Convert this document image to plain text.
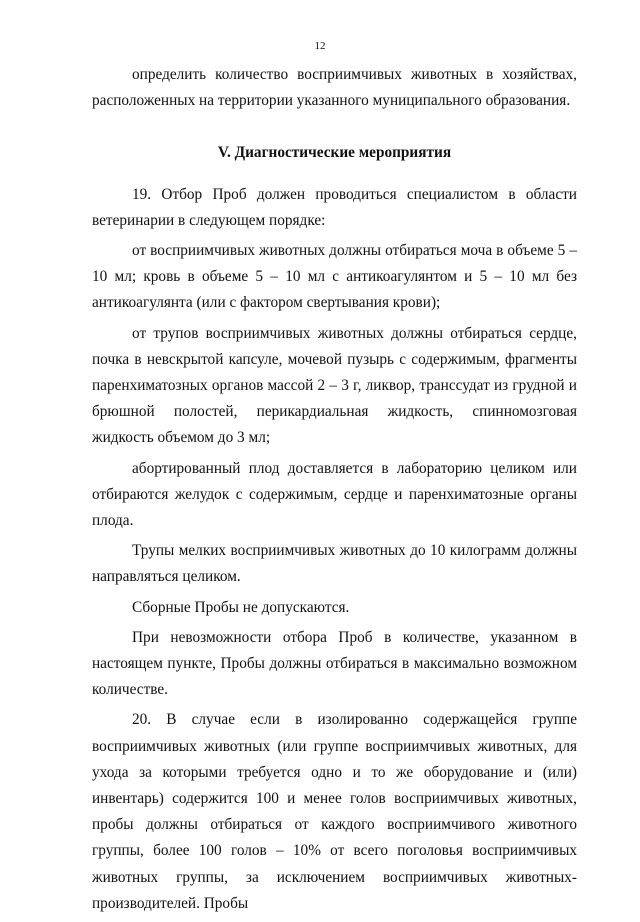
12

определить количество восприимчивых животных в хозяйствах, расположенных на территории указанного муниципального образования.

V. Диагностические мероприятия

19. Отбор Проб должен проводиться специалистом в области ветеринарии в следующем порядке:

от восприимчивых животных должны отбираться моча в объеме 5 – 10 мл; кровь в объеме 5 – 10 мл с антикоагулянтом и 5 – 10 мл без антикоагулянта (или с фактором свертывания крови);

от трупов восприимчивых животных должны отбираться сердце, почка в невскрытой капсуле, мочевой пузырь с содержимым, фрагменты паренхиматозных органов массой 2 – 3 г, ликвор, транссудат из грудной и брюшной полостей, перикардиальная жидкость, спинномозговая жидкость объемом до 3 мл;

абортированный плод доставляется в лабораторию целиком или отбираются желудок с содержимым, сердце и паренхиматозные органы плода.

Трупы мелких восприимчивых животных до 10 килограмм должны направляться целиком.

Сборные Пробы не допускаются.

При невозможности отбора Проб в количестве, указанном в настоящем пункте, Пробы должны отбираться в максимально возможном количестве.

20. В случае если в изолированно содержащейся группе восприимчивых животных (или группе восприимчивых животных, для ухода за которыми требуется одно и то же оборудование и (или) инвентарь) содержится 100 и менее голов восприимчивых животных, пробы должны отбираться от каждого восприимчивого животного группы, более 100 голов – 10% от всего поголовья восприимчивых животных группы, за исключением восприимчивых животных-производителей. Пробы
